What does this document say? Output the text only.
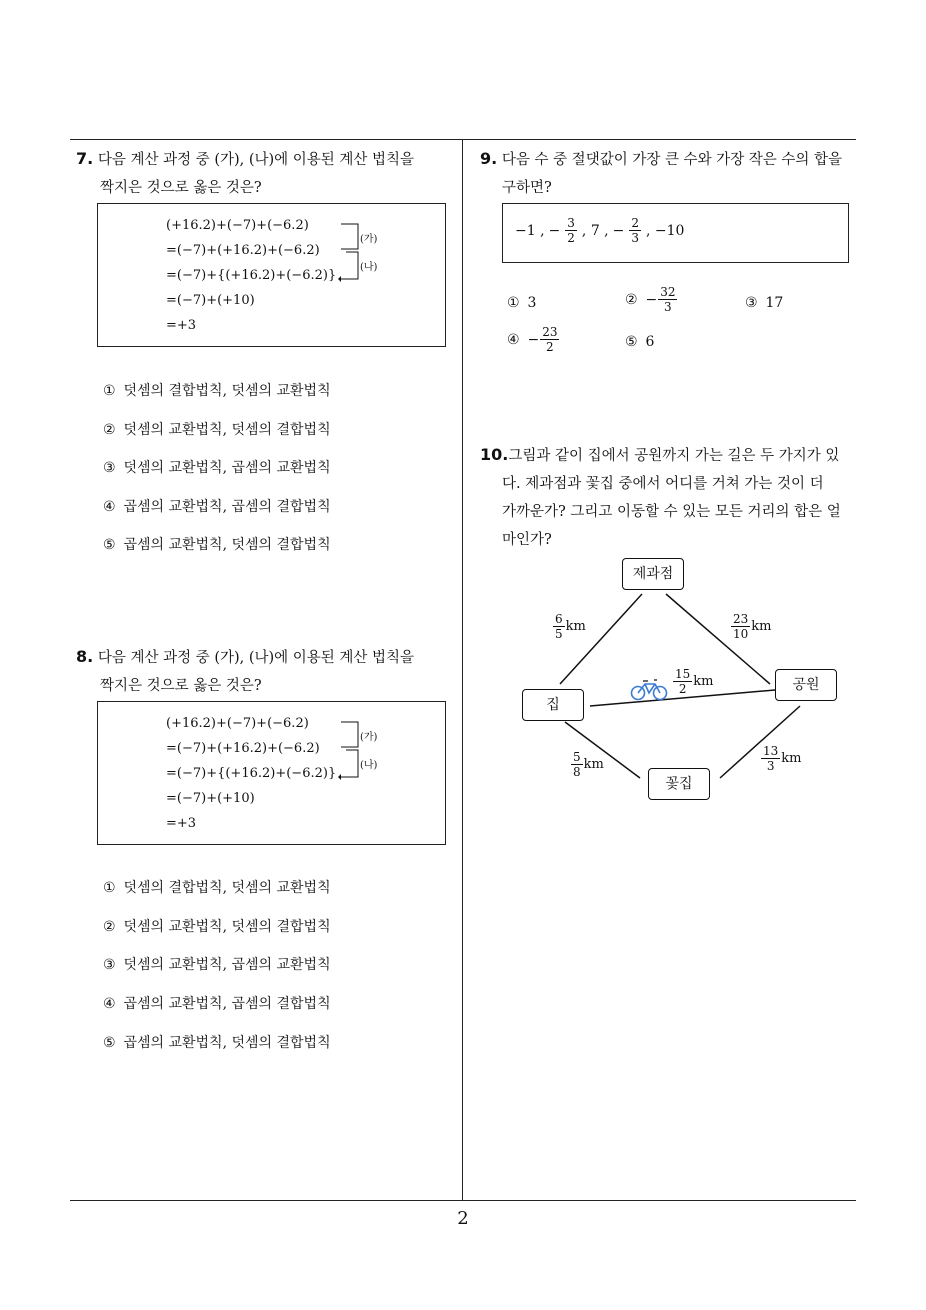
7. 다음 계산 과정 중 (가), (나)에 이용된 계산 법칙을
짝지은 것으로 옳은 것은?
(+16.2)+(−7)+(−6.2)
=(−7)+(+16.2)+(−6.2)
=(−7)+{(+16.2)+(−6.2)}
=(−7)+(+10)
=+3
(가)
(나)
① 덧셈의 결합법칙, 덧셈의 교환법칙
② 덧셈의 교환법칙, 덧셈의 결합법칙
③ 덧셈의 교환법칙, 곱셈의 교환법칙
④ 곱셈의 교환법칙, 곱셈의 결합법칙
⑤ 곱셈의 교환법칙, 덧셈의 결합법칙
8. 다음 계산 과정 중 (가), (나)에 이용된 계산 법칙을
짝지은 것으로 옳은 것은?
(+16.2)+(−7)+(−6.2)
=(−7)+(+16.2)+(−6.2)
=(−7)+{(+16.2)+(−6.2)}
=(−7)+(+10)
=+3
(가)
(나)
① 덧셈의 결합법칙, 덧셈의 교환법칙
② 덧셈의 교환법칙, 덧셈의 결합법칙
③ 덧셈의 교환법칙, 곱셈의 교환법칙
④ 곱셈의 교환법칙, 곱셈의 결합법칙
⑤ 곱셈의 교환법칙, 덧셈의 결합법칙
9. 다음 수 중 절댓값이 가장 큰 수와 가장 작은 수의 합을
구하면?
−1 , − $\frac{3}{2}$ , 7 , − $\frac{2}{3}$ , −10
① 3	②
− $\frac{32}{3}$	③ 17
④
− $\frac{23}{2}$	⑤ 6
10.그림과 같이 집에서 공원까지 가는 길은 두 가지가 있
다. 제과점과 꽃집 중에서 어디를 거쳐 가는 것이 더
가까운가? 그리고 이동할 수 있는 모든 거리의 합은 얼
마인가?
제과점
집
공원
꽃집
$\frac{6}{5}$ km	$\frac{23}{10}$ km
$\frac{15}{2}$ km
$\frac{5}{8}$ km	$\frac{13}{3}$ km
2
